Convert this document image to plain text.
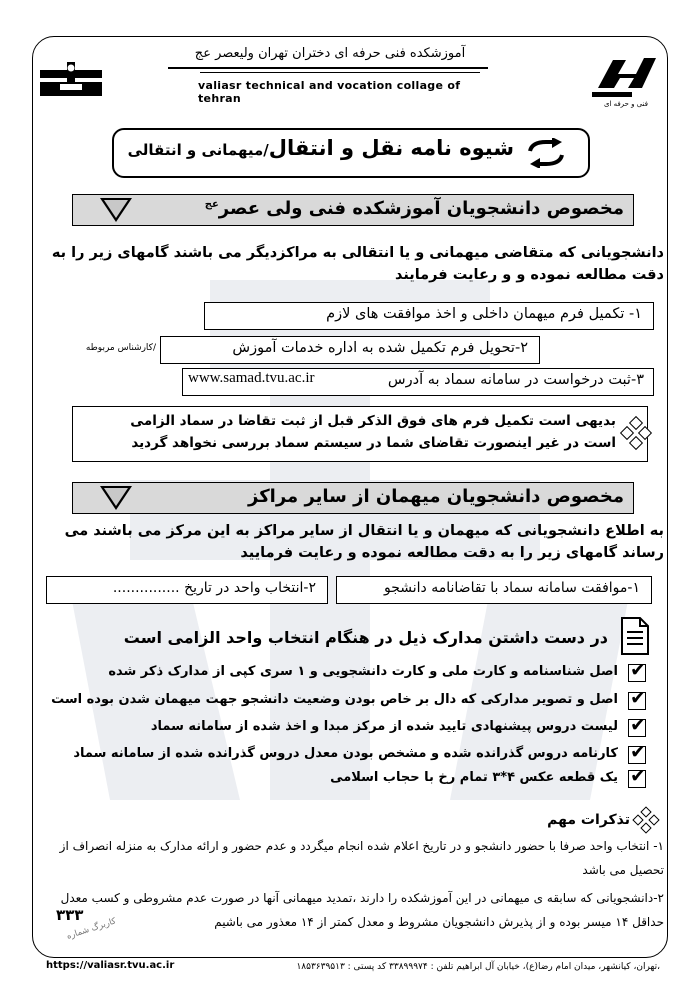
آموزشکده فنی حرفه ای دختران تهران ولیعصر عج
valiasr technical and vocation collage of tehran	فنی و حرفه ای
شیوه نامه نقل و انتقال/میهمانی و انتقالی
مخصوص دانشجویان آموزشکده فنی ولی عصر$^{عج}$
دانشجویانی که متقاضی میهمانی و یا انتقالی به مراکزدیگر می باشند گامهای زیر را به دقت مطالعه نموده و و رعایت فرمایند
۱- تکمیل فرم میهمان داخلی و اخذ موافقت های لازم
۲-تحویل فرم تکمیل شده به اداره خدمات آموزش
/کارشناس مربوطه
۳-ثبت درخواست در سامانه سماد به آدرس
www.samad.tvu.ac.ir
بدیهی است تکمیل فرم های فوق الذکر قبل از ثبت تقاضا در سماد الزامی است در غیر اینصورت تقاضای شما در سیستم سماد بررسی نخواهد گردید
مخصوص دانشجویان میهمان از سایر مراکز
به اطلاع دانشجویانی که میهمان و یا انتقال از سایر مراکز به این مرکز می باشند می رساند گامهای زیر را به دقت مطالعه نموده و رعایت فرمایید
۱-موافقت سامانه سماد با تقاضانامه دانشجو
۲-انتخاب واحد در تاریخ ...............
در دست داشتن مدارک ذیل در هنگام انتخاب واحد الزامی است
✔
اصل شناسنامه و کارت ملی و کارت دانشجویی و ۱ سری کپی از مدارک ذکر شده
✔
اصل و تصویر مدارکی که دال بر خاص بودن وضعیت دانشجو جهت میهمان شدن بوده است
✔
لیست دروس پیشنهادی تایید شده از مرکز مبدا و اخذ شده از سامانه سماد
✔
کارنامه دروس گذرانده شده و مشخص بودن معدل دروس گذرانده شده از سامانه سماد
✔
یک قطعه عکس ۴*۳ تمام رخ با حجاب اسلامی
تذکرات مهم
۱- انتخاب واحد صرفا با حضور دانشجو و در تاریخ اعلام شده انجام میگردد و عدم حضور و ارائه مدارک به منزله انصراف از تحصیل می باشد
۲-دانشجویانی که سابقه ی میهمانی در این آموزشکده را دارند ،تمدید میهمانی آنها در صورت عدم مشروطی و کسب معدل حداقل ۱۴ میسر بوده و از پذیرش دانشجویان مشروط و معدل کمتر از ۱۴ معذور می باشیم
۳۳۳
کاربرگ شماره
https://valiasr.tvu.ac.ir	،تهران، کیانشهر، میدان امام رضا(ع)، خیابان آل ابراهیم تلفن : ۳۳۸۹۹۹۷۴ کد پستی : ۱۸۵۳۶۳۹۵۱۳
